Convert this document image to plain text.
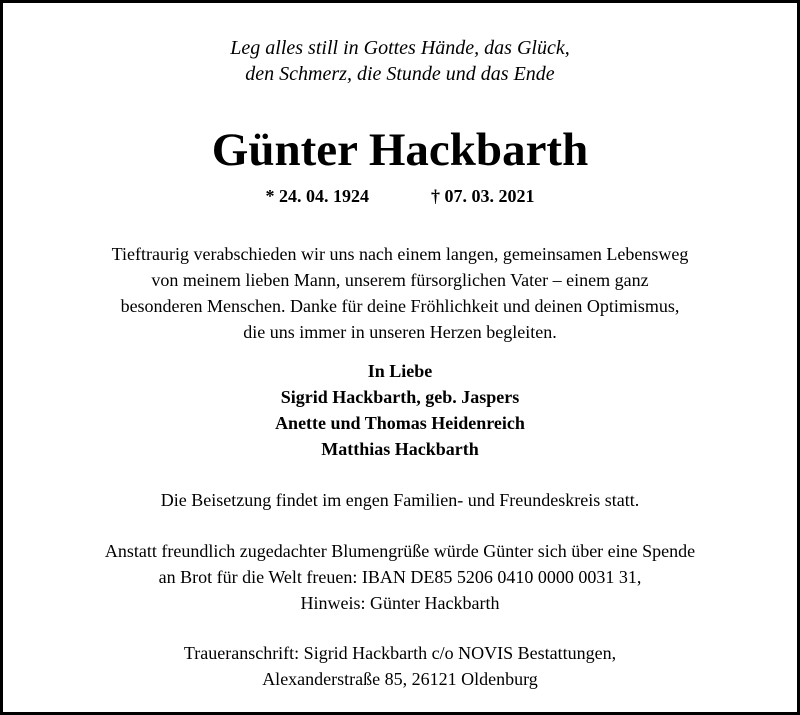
Leg alles still in Gottes Hände, das Glück,
den Schmerz, die Stunde und das Ende
Günter Hackbarth
* 24. 04. 1924	† 07. 03. 2021
Tieftraurig verabschieden wir uns nach einem langen, gemeinsamen Lebensweg
von meinem lieben Mann, unserem fürsorglichen Vater – einem ganz
besonderen Menschen. Danke für deine Fröhlichkeit und deinen Optimismus,
die uns immer in unseren Herzen begleiten.
In Liebe
Sigrid Hackbarth, geb. Jaspers
Anette und Thomas Heidenreich
Matthias Hackbarth
Die Beisetzung findet im engen Familien- und Freundeskreis statt.
Anstatt freundlich zugedachter Blumengrüße würde Günter sich über eine Spende
an Brot für die Welt freuen: IBAN DE85 5206 0410 0000 0031 31,
Hinweis: Günter Hackbarth
Traueranschrift: Sigrid Hackbarth c/o NOVIS Bestattungen,
Alexanderstraße 85, 26121 Oldenburg
